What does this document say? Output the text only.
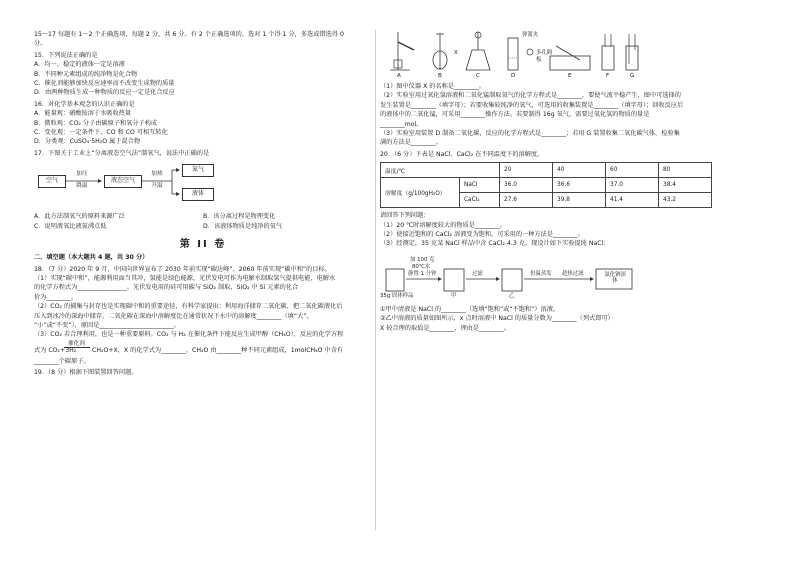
15～17 每题有 1～2 个正确选项，每题 2 分，共 6 分。有 2 个正确选项的，选对 1 个得 1 分，多选或错选得 0
分。
15．下列说法正确的是
A．均一、稳定的液体一定是溶液
B．不同种元素组成的纯净物是化合物
C．催化剂能够加快反应速率而不改变生成物的质量
D．由两种物质生成一种物质的反应一定是化合反应
16．对化学基本观念的认识正确的是
A．能量观：硝酸铵溶于水吸收热量
B．微粒观：CO₂ 分子由碳原子和氧分子构成
C．变化观：一定条件下，CO 和 CO 可相互转化
D．分类观：CuSO₄·5H₂O 属于混合物
17．下图关于工业上“分离液态空气法”制氧气，说法中正确的是
空气
加压
降温
液态空气
加热
升温
氮气
液体
A．此方法制氧气的原料来源广泛	B．该分离过程是物理变化
C．说明液氧比液氮沸点低	D．该液体物质是纯净的氧气
第 II 卷
二、填空题（本大题共 4 题，共 30 分）
18．（7 分）2020 年 9 月，中国向世界宣布了 2030 年前实现“碳达峰”、2060 年前实现“碳中和”的目标。
（1）实现“碳中和”，能源利用面当其冲，氢能是绿色能源，光伏发电可作为电解水制取氢气提供电能，电解水
的化学方程式为________________。光伏发电用的硅可用碳与 SiO₂ 制取，SiO₂ 中 Si 元素的化合
价为________。
（2）CO₂ 的捕集与封存也是实现碳中和的重要途径，有科学家提出：利用海洋储存二氧化碳，把二氧化碳液化后
压入到冰冷的深海中储存。二氧化碳在深海中溶解度比在通常状况下水中的溶解度________（填“大”、
“小”或“不变”），原因是________________________。
（3）CO₂ 若合理利用，也是一种重要原料。CO₂ 与 H₂ 在催化条件下能反应生成甲醇（CH₄O），反应的化学方程
催化剂
式为 CO₂+3H₂	CH₄O+X，X 的化学式为________，CH₄O 由________种不同元素组成，1molCH₄O 中含有
________个碳原子。
19．（8 分）根据下图装置回答问题。
A	B	C	D	E	F	G
弹簧夹
多孔隔板
X
（1）图中仪器 X 的名称是________。
（2）实验室用过氧化氢溶液和二氧化锰制取氧气的化学方程式是________，要使气流平稳产生，图中可选择的
发生装置是________（填字母）；若要收集较纯净的氧气，可选用的收集装置是________（填字母）；回收反应后
的液体中的二氧化锰，可采用________操作方法。若要制得 16g 氧气，需要过氧化氢的物质的量是
________mol。
（3）实验室用装置 D 制备二氧化碳，反应的化学方程式是________；若用 G 装置收集二氧化碳气体，检验集
满的方法是________。
20．（6 分）下表是 NaCl、CaCl₂ 在不同温度下的溶解度。
温度/℃		20	40	60	80
溶解度（g/100gH₂O）	NaCl	36.0	36.6	37.0	38.4
	CaCl₂	27.6	39.8	41.4	43.2
请回答下列问题：
（1）20 ℃时溶解度较大的物质是________。
（2）使接近饱和的 CaCl₂ 溶液变为饱和，可采用的一种方法是________。
（3）经测定，35 克某 NaCl 样品中含 CaCl₂ 4.3 克，现设计如下实验提纯 NaCl：
加 100 克
80℃水
静置 1 分钟	过滤	恒温蒸发 趁热过滤
35g 固体样品	甲	乙
氯化钠固体
①甲中清液是 NaCl 的________（选填“饱和”或“不饱和”）溶液。
②乙中溶液的质量如图所示，x 点时溶液中 NaCl 的质量分数为________（列式即可）
X 较合理的取值是________，理由是________。
